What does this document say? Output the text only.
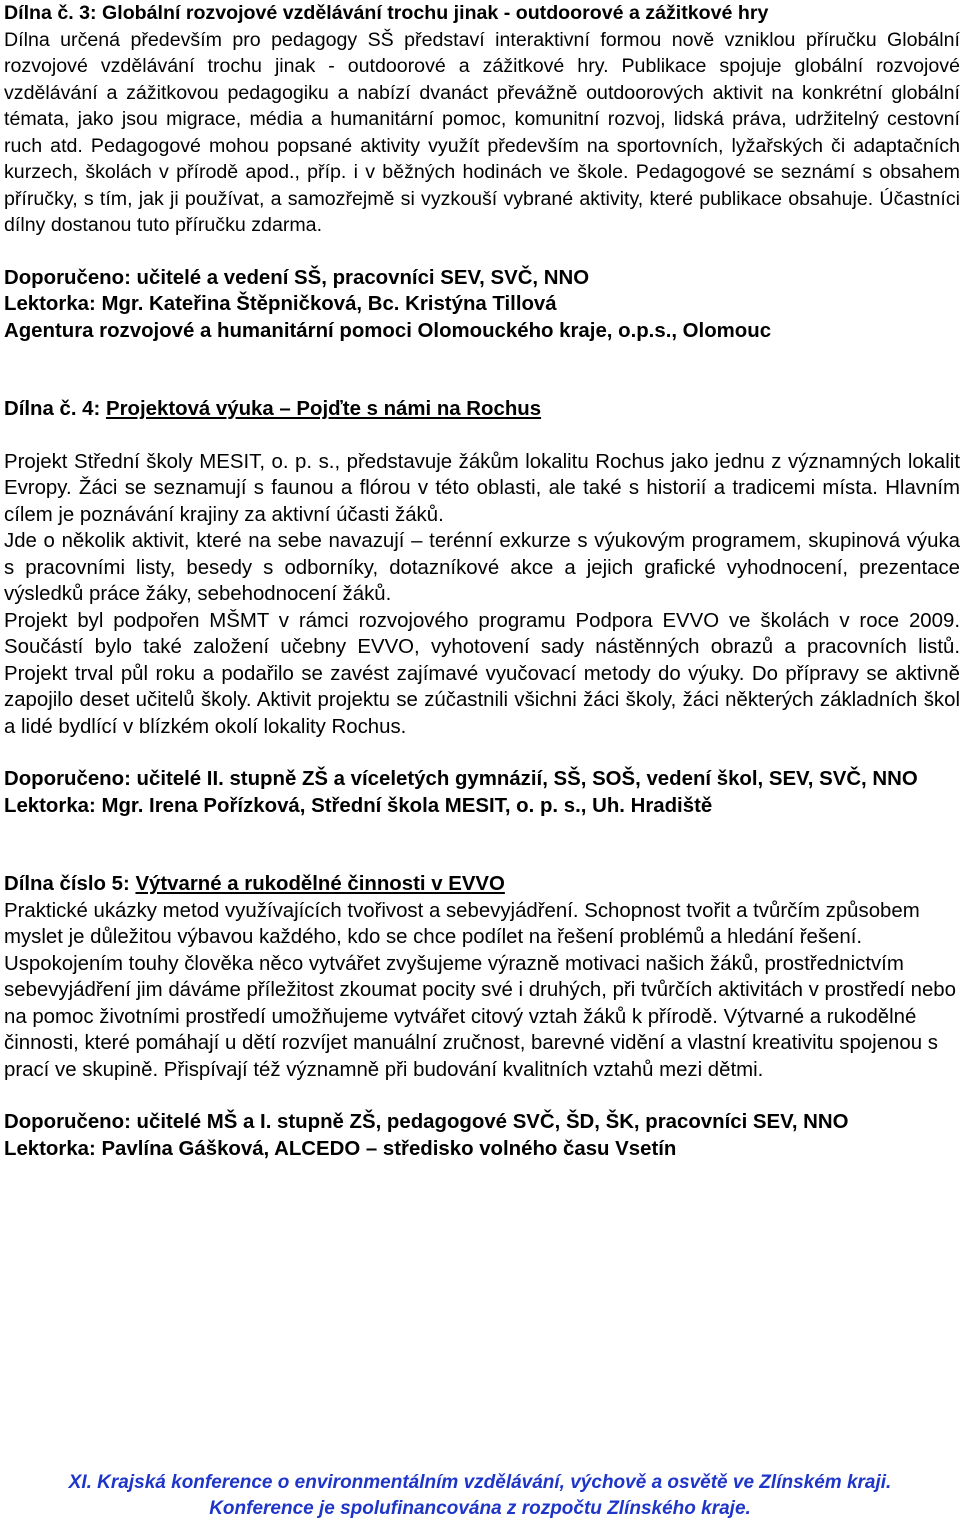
Dílna č. 3: Globální rozvojové vzdělávání trochu jinak - outdoorové a zážitkové hry

Dílna určená především pro pedagogy SŠ představí interaktivní formou nově vzniklou příručku Globální rozvojové vzdělávání trochu jinak - outdoorové a zážitkové hry. Publikace spojuje globální rozvojové vzdělávání a zážitkovou pedagogiku a nabízí dvanáct převážně outdoorových aktivit na konkrétní globální témata, jako jsou migrace, média a humanitární pomoc, komunitní rozvoj, lidská práva, udržitelný cestovní ruch atd. Pedagogové mohou popsané aktivity využít především na sportovních, lyžařských či adaptačních kurzech, školách v přírodě apod., příp. i v běžných hodinách ve škole. Pedagogové se seznámí s obsahem příručky, s tím, jak ji používat, a samozřejmě si vyzkouší vybrané aktivity, které publikace obsahuje. Účastníci dílny dostanou tuto příručku zdarma.

Doporučeno: učitelé a vedení SŠ, pracovníci SEV, SVČ, NNO

Lektorka: Mgr. Kateřina Štěpničková, Bc. Kristýna Tillová

Agentura rozvojové a humanitární pomoci Olomouckého kraje, o.p.s., Olomouc

Dílna č. 4: Projektová výuka – Pojďte s námi na Rochus

Projekt Střední školy MESIT, o. p. s., představuje žákům lokalitu Rochus jako jednu z významných lokalit Evropy. Žáci se seznamují s faunou a flórou v této oblasti, ale také s historií a tradicemi místa. Hlavním cílem je poznávání krajiny za aktivní účasti žáků.

Jde o několik aktivit, které na sebe navazují – terénní exkurze s výukovým programem, skupinová výuka s pracovními listy, besedy s odborníky, dotazníkové akce a jejich grafické vyhodnocení, prezentace výsledků práce žáky, sebehodnocení žáků.

Projekt byl podpořen MŠMT v rámci rozvojového programu Podpora EVVO ve školách v roce 2009. Součástí bylo také založení učebny EVVO, vyhotovení sady nástěnných obrazů a pracovních listů. Projekt trval půl roku a podařilo se zavést zajímavé vyučovací metody do výuky. Do přípravy se aktivně zapojilo deset učitelů školy. Aktivit projektu se zúčastnili všichni žáci školy, žáci některých základních škol a lidé bydlící v blízkém okolí lokality Rochus.

Doporučeno: učitelé II. stupně ZŠ a víceletých gymnázií, SŠ, SOŠ, vedení škol, SEV, SVČ, NNO

Lektorka: Mgr. Irena Pořízková, Střední škola MESIT, o. p. s., Uh. Hradiště

Dílna číslo 5: Výtvarné a rukodělné činnosti v EVVO

Praktické ukázky metod využívajících tvořivost a sebevyjádření. Schopnost tvořit a tvůrčím způsobem myslet je důležitou výbavou každého, kdo se chce podílet na řešení problémů a hledání řešení. Uspokojením touhy člověka něco vytvářet zvyšujeme výrazně motivaci našich žáků, prostřednictvím sebevyjádření jim dáváme příležitost zkoumat pocity své i druhých, při tvůrčích aktivitách v prostředí nebo na pomoc životními prostředí umožňujeme vytvářet citový vztah žáků k přírodě. Výtvarné a rukodělné činnosti, které pomáhají u dětí rozvíjet manuální zručnost, barevné vidění a vlastní kreativitu spojenou s prací ve skupině. Přispívají též významně při budování kvalitních vztahů mezi dětmi.

Doporučeno: učitelé MŠ a I. stupně ZŠ, pedagogové SVČ, ŠD, ŠK, pracovníci SEV, NNO

Lektorka: Pavlína Gášková, ALCEDO – středisko volného času Vsetín

XI. Krajská konference o environmentálním vzdělávání, výchově a osvětě ve Zlínském kraji.
Konference je spolufinancována z rozpočtu Zlínského kraje.
